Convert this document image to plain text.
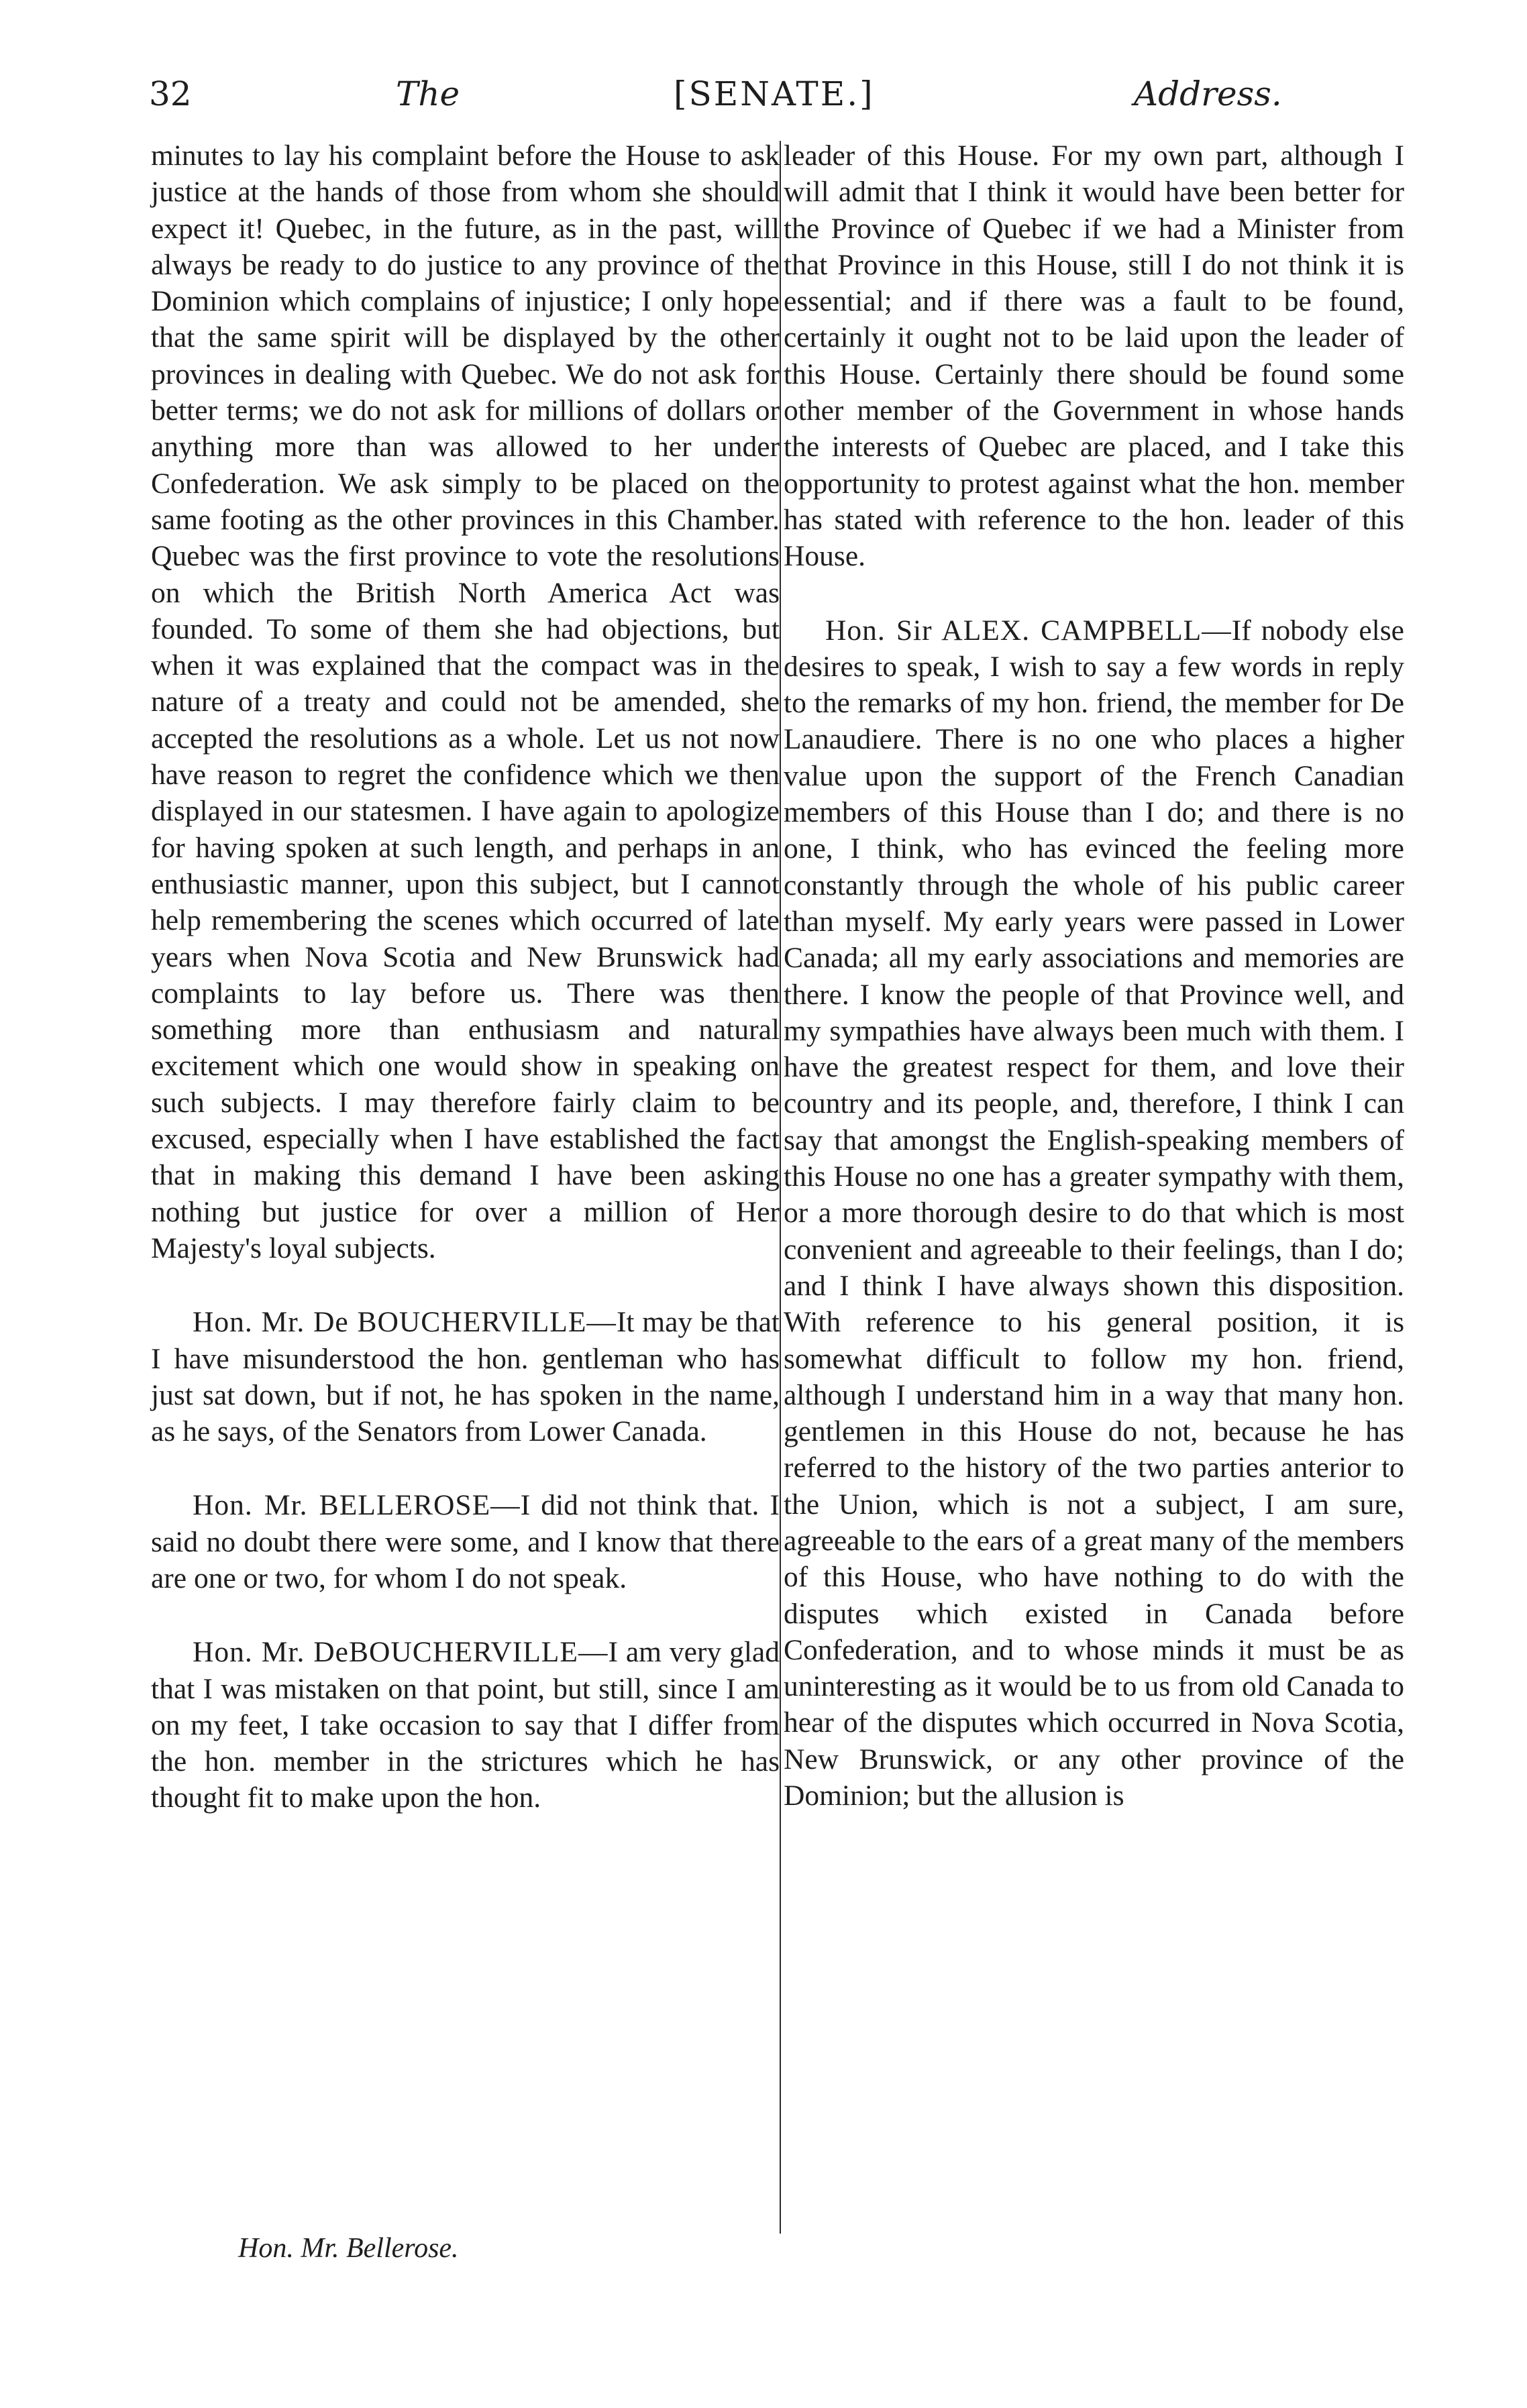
32	The	[SENATE.]	Address.

minutes to lay his complaint before the House to ask justice at the hands of those from whom she should expect it! Quebec, in the future, as in the past, will always be ready to do justice to any province of the Dominion which complains of injustice; I only hope that the same spirit will be displayed by the other provinces in dealing with Quebec. We do not ask for better terms; we do not ask for millions of dollars or anything more than was allowed to her under Confederation. We ask simply to be placed on the same footing as the other provinces in this Chamber. Quebec was the first province to vote the resolutions on which the British North America Act was founded. To some of them she had objections, but when it was explained that the compact was in the nature of a treaty and could not be amended, she accepted the resolutions as a whole. Let us not now have reason to regret the confidence which we then displayed in our statesmen. I have again to apologize for having spoken at such length, and perhaps in an enthusiastic manner, upon this subject, but I cannot help remembering the scenes which occurred of late years when Nova Scotia and New Brunswick had complaints to lay before us. There was then something more than enthusiasm and natural excitement which one would show in speaking on such subjects. I may therefore fairly claim to be excused, especially when I have established the fact that in making this demand I have been asking nothing but justice for over a million of Her Majesty's loyal subjects.

Hon. Mr. De BOUCHERVILLE—It may be that I have misunderstood the hon. gentleman who has just sat down, but if not, he has spoken in the name, as he says, of the Senators from Lower Canada.

Hon. Mr. BELLEROSE—I did not think that. I said no doubt there were some, and I know that there are one or two, for whom I do not speak.

Hon. Mr. DeBOUCHERVILLE—I am very glad that I was mistaken on that point, but still, since I am on my feet, I take occasion to say that I differ from the hon. member in the strictures which he has thought fit to make upon the hon.

leader of this House. For my own part, although I will admit that I think it would have been better for the Province of Quebec if we had a Minister from that Province in this House, still I do not think it is essential; and if there was a fault to be found, certainly it ought not to be laid upon the leader of this House. Certainly there should be found some other member of the Government in whose hands the interests of Quebec are placed, and I take this opportunity to protest against what the hon. member has stated with reference to the hon. leader of this House.

Hon. Sir ALEX. CAMPBELL—If nobody else desires to speak, I wish to say a few words in reply to the remarks of my hon. friend, the member for De Lanaudiere. There is no one who places a higher value upon the support of the French Canadian members of this House than I do; and there is no one, I think, who has evinced the feeling more constantly through the whole of his public career than myself. My early years were passed in Lower Canada; all my early associations and memories are there. I know the people of that Province well, and my sympathies have always been much with them. I have the greatest respect for them, and love their country and its people, and, therefore, I think I can say that amongst the English-speaking members of this House no one has a greater sympathy with them, or a more thorough desire to do that which is most convenient and agreeable to their feelings, than I do; and I think I have always shown this disposition. With reference to his general position, it is somewhat difficult to follow my hon. friend, although I understand him in a way that many hon. gentlemen in this House do not, because he has referred to the history of the two parties anterior to the Union, which is not a subject, I am sure, agreeable to the ears of a great many of the members of this House, who have nothing to do with the disputes which existed in Canada before Confederation, and to whose minds it must be as uninteresting as it would be to us from old Canada to hear of the disputes which occurred in Nova Scotia, New Brunswick, or any other province of the Dominion; but the allusion is

Hon. Mr. Bellerose.
